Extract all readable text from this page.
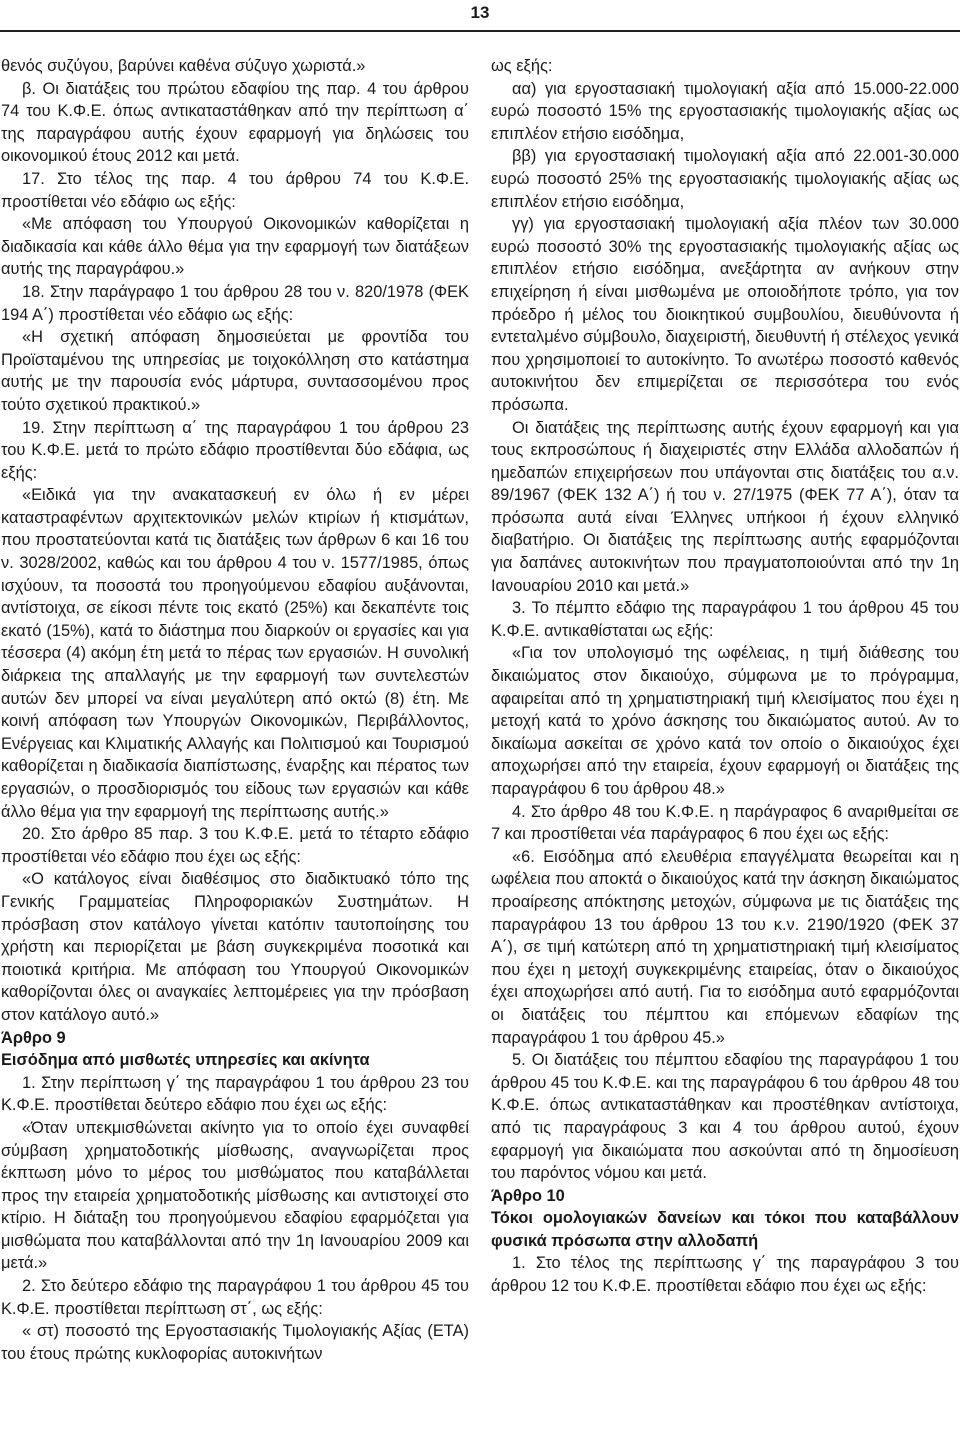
13

θενός συζύγου, βαρύνει καθένα σύζυγο χωριστά.»

β. Οι διατάξεις του πρώτου εδαφίου της παρ. 4 του άρθρου 74 του Κ.Φ.Ε. όπως αντικαταστάθηκαν από την περίπτωση α΄ της παραγράφου αυτής έχουν εφαρμογή για δηλώσεις του οικονομικού έτους 2012 και μετά.

17. Στο τέλος της παρ. 4 του άρθρου 74 του Κ.Φ.Ε. προστίθεται νέο εδάφιο ως εξής:

«Με απόφαση του Υπουργού Οικονομικών καθορίζεται η διαδικασία και κάθε άλλο θέμα για την εφαρμογή των διατάξεων αυτής της παραγράφου.»

18. Στην παράγραφο 1 του άρθρου 28 του ν. 820/1978 (ΦΕΚ 194 Α΄) προστίθεται νέο εδάφιο ως εξής:

«Η σχετική απόφαση δημοσιεύεται με φροντίδα του Προϊσταμένου της υπηρεσίας με τοιχοκόλληση στο κατάστημα αυτής με την παρουσία ενός μάρτυρα, συντασσομένου προς τούτο σχετικού πρακτικού.»

19. Στην περίπτωση α΄ της παραγράφου 1 του άρθρου 23 του Κ.Φ.Ε. μετά το πρώτο εδάφιο προστίθενται δύο εδάφια, ως εξής:

«Ειδικά για την ανακατασκευή εν όλω ή εν μέρει καταστραφέντων αρχιτεκτονικών μελών κτιρίων ή κτισμάτων, που προστατεύονται κατά τις διατάξεις των άρθρων 6 και 16 του ν. 3028/2002, καθώς και του άρθρου 4 του ν. 1577/1985, όπως ισχύουν, τα ποσοστά του προηγούμενου εδαφίου αυξάνονται, αντίστοιχα, σε είκοσι πέντε τοις εκατό (25%) και δεκαπέντε τοις εκατό (15%), κατά το διάστημα που διαρκούν οι εργασίες και για τέσσερα (4) ακόμη έτη μετά το πέρας των εργασιών. Η συνολική διάρκεια της απαλλαγής με την εφαρμογή των συντελεστών αυτών δεν μπορεί να είναι μεγαλύτερη από οκτώ (8) έτη. Με κοινή απόφαση των Υπουργών Οικονομικών, Περιβάλλοντος, Ενέργειας και Κλιματικής Αλλαγής και Πολιτισμού και Τουρισμού καθορίζεται η διαδικασία διαπίστωσης, έναρξης και πέρατος των εργασιών, ο προσδιορισμός του είδους των εργασιών και κάθε άλλο θέμα για την εφαρμογή της περίπτωσης αυτής.»

20. Στο άρθρο 85 παρ. 3 του Κ.Φ.Ε. μετά το τέταρτο εδάφιο προστίθεται νέο εδάφιο που έχει ως εξής:

«Ο κατάλογος είναι διαθέσιμος στο διαδικτυακό τόπο της Γενικής Γραμματείας Πληροφοριακών Συστημάτων. Η πρόσβαση στον κατάλογο γίνεται κατόπιν ταυτοποίησης του χρήστη και περιορίζεται με βάση συγκεκριμένα ποσοτικά και ποιοτικά κριτήρια. Με απόφαση του Υπουργού Οικονομικών καθορίζονται όλες οι αναγκαίες λεπτομέρειες για την πρόσβαση στον κατάλογο αυτό.»

Άρθρο 9

Εισόδημα από μισθωτές υπηρεσίες και ακίνητα

1. Στην περίπτωση γ΄ της παραγράφου 1 του άρθρου 23 του Κ.Φ.Ε. προστίθεται δεύτερο εδάφιο που έχει ως εξής:

«Όταν υπεκμισθώνεται ακίνητο για το οποίο έχει συναφθεί σύμβαση χρηματοδοτικής μίσθωσης, αναγνωρίζεται προς έκπτωση μόνο το μέρος του μισθώματος που καταβάλλεται προς την εταιρεία χρηματοδοτικής μίσθωσης και αντιστοιχεί στο κτίριο. Η διάταξη του προηγούμενου εδαφίου εφαρμόζεται για μισθώματα που καταβάλλονται από την 1η Ιανουαρίου 2009 και μετά.»

2. Στο δεύτερο εδάφιο της παραγράφου 1 του άρθρου 45 του Κ.Φ.Ε. προστίθεται περίπτωση στ΄, ως εξής:

« στ) ποσοστό της Εργοστασιακής Τιμολογιακής Αξίας (ΕΤΑ) του έτους πρώτης κυκλοφορίας αυτοκινήτων

ως εξής:

αα) για εργοστασιακή τιμολογιακή αξία από 15.000-22.000 ευρώ ποσοστό 15% της εργοστασιακής τιμολογιακής αξίας ως επιπλέον ετήσιο εισόδημα,

ββ) για εργοστασιακή τιμολογιακή αξία από 22.001-30.000 ευρώ ποσοστό 25% της εργοστασιακής τιμολογιακής αξίας ως επιπλέον ετήσιο εισόδημα,

γγ) για εργοστασιακή τιμολογιακή αξία πλέον των 30.000 ευρώ ποσοστό 30% της εργοστασιακής τιμολογιακής αξίας ως επιπλέον ετήσιο εισόδημα, ανεξάρτητα αν ανήκουν στην επιχείρηση ή είναι μισθωμένα με οποιοδήποτε τρόπο, για τον πρόεδρο ή μέλος του διοικητικού συμβουλίου, διευθύνοντα ή εντεταλμένο σύμβουλο, διαχειριστή, διευθυντή ή στέλεχος γενικά που χρησιμοποιεί το αυτοκίνητο. Το ανωτέρω ποσοστό καθενός αυτοκινήτου δεν επιμερίζεται σε περισσότερα του ενός πρόσωπα.

Οι διατάξεις της περίπτωσης αυτής έχουν εφαρμογή και για τους εκπροσώπους ή διαχειριστές στην Ελλάδα αλλοδαπών ή ημεδαπών επιχειρήσεων που υπάγονται στις διατάξεις του α.ν. 89/1967 (ΦΕΚ 132 Α΄) ή του ν. 27/1975 (ΦΕΚ 77 Α΄), όταν τα πρόσωπα αυτά είναι Έλληνες υπήκοοι ή έχουν ελληνικό διαβατήριο. Οι διατάξεις της περίπτωσης αυτής εφαρμόζονται για δαπάνες αυτοκινήτων που πραγματοποιούνται από την 1η Ιανουαρίου 2010 και μετά.»

3. Το πέμπτο εδάφιο της παραγράφου 1 του άρθρου 45 του Κ.Φ.Ε. αντικαθίσταται ως εξής:

«Για τον υπολογισμό της ωφέλειας, η τιμή διάθεσης του δικαιώματος στον δικαιούχο, σύμφωνα με το πρόγραμμα, αφαιρείται από τη χρηματιστηριακή τιμή κλεισίματος που έχει η μετοχή κατά το χρόνο άσκησης του δικαιώματος αυτού. Αν το δικαίωμα ασκείται σε χρόνο κατά τον οποίο ο δικαιούχος έχει αποχωρήσει από την εταιρεία, έχουν εφαρμογή οι διατάξεις της παραγράφου 6 του άρθρου 48.»

4. Στο άρθρο 48 του Κ.Φ.Ε. η παράγραφος 6 αναριθμείται σε 7 και προστίθεται νέα παράγραφος 6 που έχει ως εξής:

«6. Εισόδημα από ελευθέρια επαγγέλματα θεωρείται και η ωφέλεια που αποκτά ο δικαιούχος κατά την άσκηση δικαιώματος προαίρεσης απόκτησης μετοχών, σύμφωνα με τις διατάξεις της παραγράφου 13 του άρθρου 13 του κ.ν. 2190/1920 (ΦΕΚ 37 Α΄), σε τιμή κατώτερη από τη χρηματιστηριακή τιμή κλεισίματος που έχει η μετοχή συγκεκριμένης εταιρείας, όταν ο δικαιούχος έχει αποχωρήσει από αυτή. Για το εισόδημα αυτό εφαρμόζονται οι διατάξεις του πέμπτου και επόμενων εδαφίων της παραγράφου 1 του άρθρου 45.»

5. Οι διατάξεις του πέμπτου εδαφίου της παραγράφου 1 του άρθρου 45 του Κ.Φ.Ε. και της παραγράφου 6 του άρθρου 48 του Κ.Φ.Ε. όπως αντικαταστάθηκαν και προστέθηκαν αντίστοιχα, από τις παραγράφους 3 και 4 του άρθρου αυτού, έχουν εφαρμογή για δικαιώματα που ασκούνται από τη δημοσίευση του παρόντος νόμου και μετά.

Άρθρο 10

Τόκοι ομολογιακών δανείων και τόκοι που καταβάλλουν φυσικά πρόσωπα στην αλλοδαπή

1. Στο τέλος της περίπτωσης γ΄ της παραγράφου 3 του άρθρου 12 του Κ.Φ.Ε. προστίθεται εδάφιο που έχει ως εξής:
